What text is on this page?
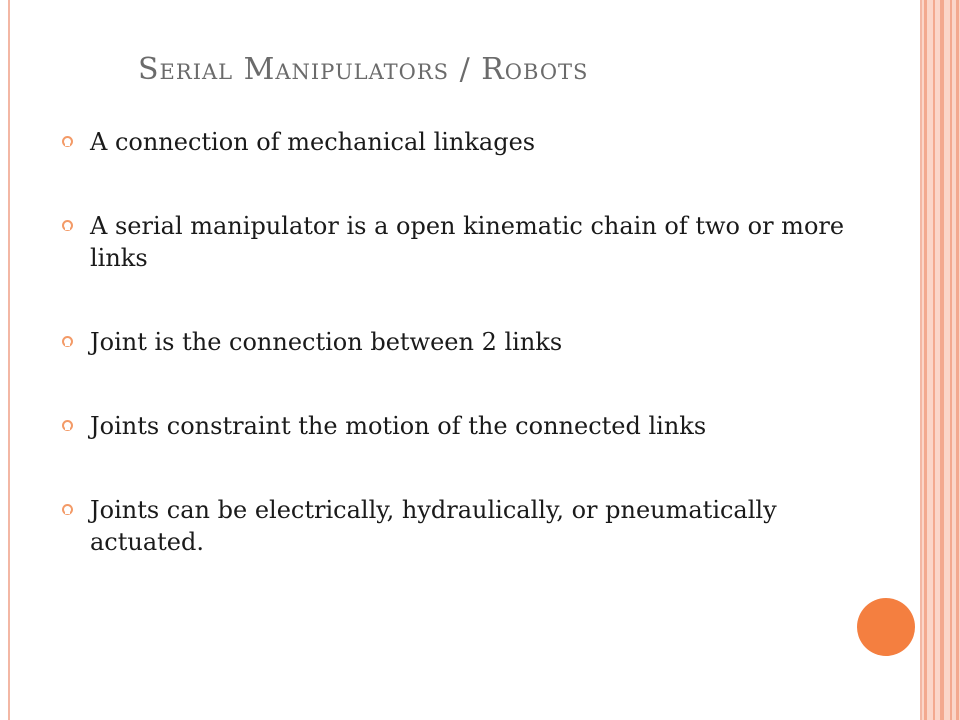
Serial Manipulators / Robots
A connection of mechanical linkages
A serial manipulator is a open kinematic chain of two or more links
Joint is the connection between 2 links
Joints constraint the motion of the connected links
Joints can be electrically, hydraulically, or pneumatically actuated.
